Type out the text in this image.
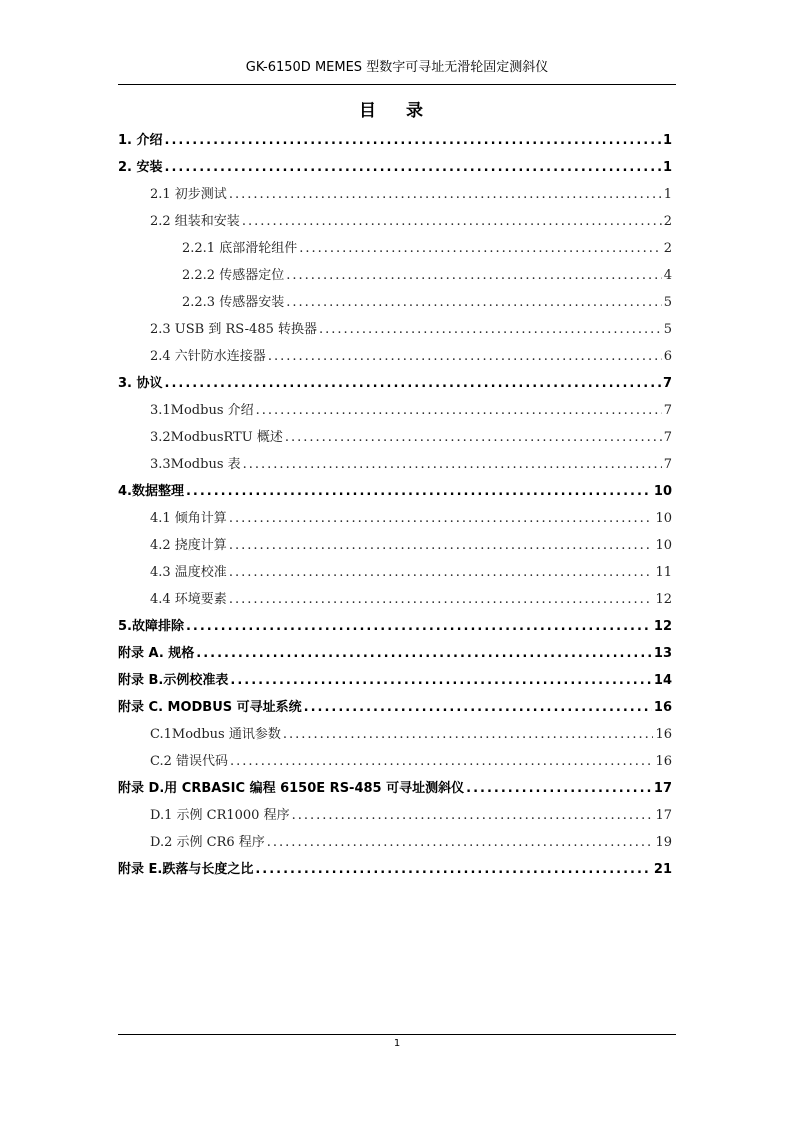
GK-6150D MEMES 型数字可寻址无滑轮固定测斜仪
目 录
1. 介绍 .....	1
2. 安装 .....	1
2.1 初步测试 .....	1
2.2 组装和安装 .....	2
2.2.1 底部滑轮组件 .....	2
2.2.2 传感器定位 .....	4
2.2.3 传感器安装 .....	5
2.3 USB 到 RS-485 转换器 .....	5
2.4 六针防水连接器 .....	6
3. 协议 .....	7
3.1Modbus 介绍 .....	7
3.2ModbusRTU 概述 .....	7
3.3Modbus 表 .....	7
4.数据整理 .....	10
4.1 倾角计算 .....	10
4.2 挠度计算 .....	10
4.3 温度校准 .....	11
4.4 环境要素 .....	12
5.故障排除 .....	12
附录 A. 规格 .....	13
附录 B.示例校准表 .....	14
附录 C. MODBUS 可寻址系统 .....	16
C.1Modbus 通讯参数 .....	16
C.2 错误代码 .....	16
附录 D.用 CRBASIC 编程 6150E RS-485 可寻址测斜仪 .....	17
D.1 示例 CR1000 程序 .....	17
D.2 示例 CR6 程序 .....	19
附录 E.跌落与长度之比 .....	21
1
